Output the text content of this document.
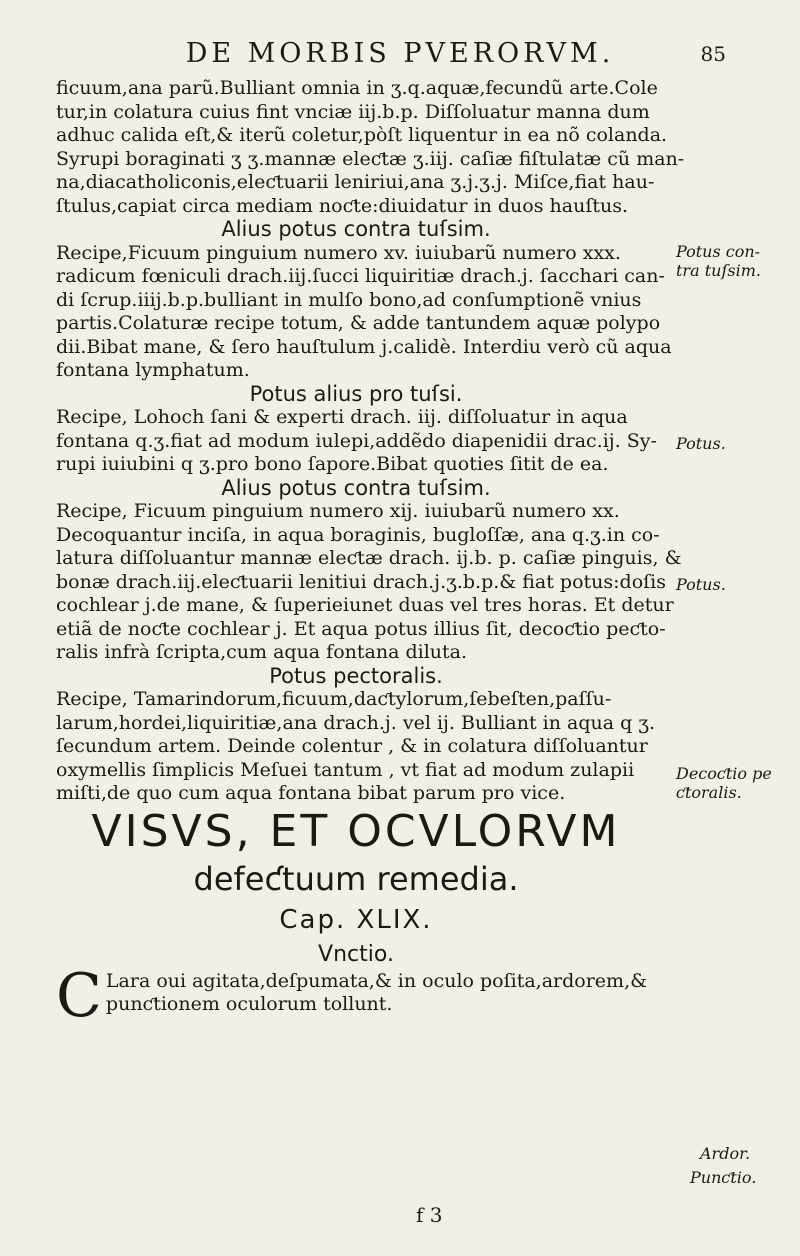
DE MORBIS PVERORVM.	85

ficuum,ana parũ.Bulliant omnia in ʒ.q.aquæ,fecundũ arte.Cole

tur,in colatura cuius fint vnciæ iij.b.p. Diſſoluatur manna dum

adhuc calida eſt,& iterũ coletur,pòſt liquentur in ea nõ colanda.

Syrupi boraginati ʒ ʒ.mannæ eleƈtæ ʒ.iij. caſiæ fiſtulatæ cũ man-

na,diacatholiconis,eleƈtuarii leniriui,ana ʒ.j.ʒ.j. Miſce,fiat hau-

ſtulus,capiat circa mediam noƈte:diuidatur in duos hauſtus.

Alius potus contra tuſsim.

Recipe,Ficuum pinguium numero xv. iuiubarũ numero xxx.

radicum fœniculi drach.iij.ſucci liquiritiæ drach.j. ſacchari can-

di ſcrup.iiij.b.p.bulliant in mulſo bono,ad conſumptionẽ vnius

partis.Colaturæ recipe totum, & adde tantundem aquæ polypo

dii.Bibat mane, & ſero hauſtulum j.calidè. Interdiu verò cũ aqua

fontana lymphatum.

Potus alius pro tuſsi.

Recipe, Lohoch ſani & experti drach. iij. diſſoluatur in aqua

fontana q.ʒ.fiat ad modum iulepi,addẽdo diapenidii drac.ij. Sy-

rupi iuiubini q ʒ.pro bono ſapore.Bibat quoties ſitit de ea.

Alius potus contra tuſsim.

Recipe, Ficuum pinguium numero xij. iuiubarũ numero xx.

Decoquantur inciſa, in aqua boraginis, bugloſſæ, ana q.ʒ.in co-

latura diſſoluantur mannæ eleƈtæ drach. ij.b. p. caſiæ pinguis, &

bonæ drach.iij.eleƈtuarii lenitiui drach.j.ʒ.b.p.& fiat potus:doſis

cochlear j.de mane, & ſuperieiunet duas vel tres horas. Et detur

etiã de noƈte cochlear j. Et aqua potus illius ſit, decoƈtio peƈto-

ralis infrà ſcripta,cum aqua fontana diluta.

Potus pectoralis.

Recipe, Tamarindorum,ficuum,daƈtylorum,ſebeſten,paſſu-

larum,hordei,liquiritiæ,ana drach.j. vel ij. Bulliant in aqua q ʒ.

ſecundum artem. Deinde colentur , & in colatura diſſoluantur

oxymellis ſimplicis Meſuei tantum , vt fiat ad modum zulapii

miſti,de quo cum aqua fontana bibat parum pro vice.

VISVS, ET OCVLORVM

defeƈtuum remedia.

Cap. XLIX.

Vnctio.

C Lara oui agitata,deſpumata,& in oculo poſita,ardorem,&

punƈtionem oculorum tollunt.

Potus con-
tra tuſsim.
Potus.
Potus.
Decoƈtio pe
ƈtoralis.
Ardor.
Punƈtio.
f 3
